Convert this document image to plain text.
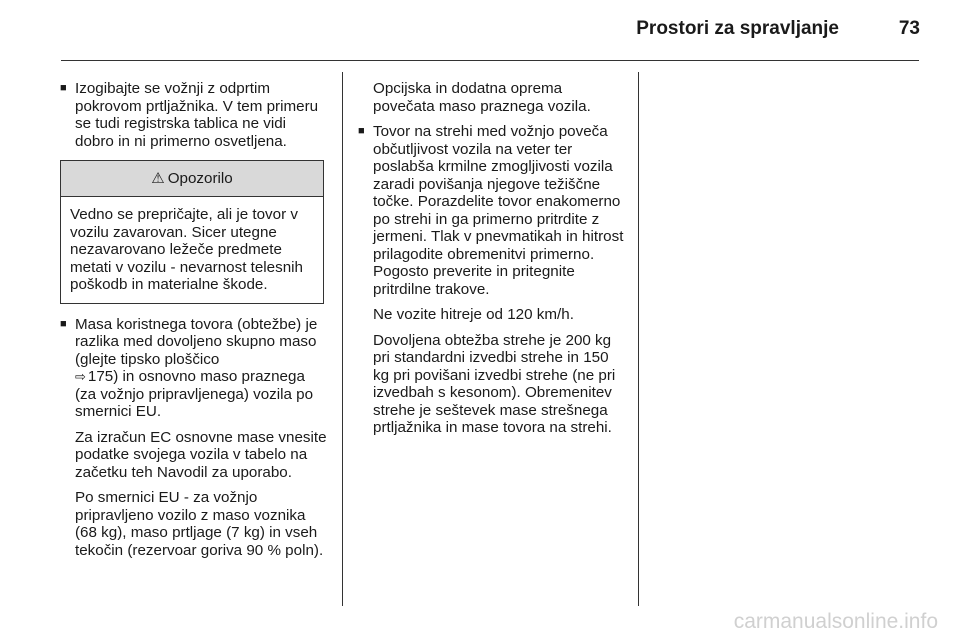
Prostori za spravljanje	73
■ Izogibajte se vožnji z odprtim pokrovom prtljažnika. V tem primeru se tudi registrska tablica ne vidi dobro in ni primerno osvetljena.
⚠ Opozorilo
Vedno se prepričajte, ali je tovor v vozilu zavarovan. Sicer utegne nezavarovano ležeče predmete metati v vozilu - nevarnost telesnih poškodb in materialne škode.
■ Masa koristnega tovora (obtežbe) je razlika med dovoljeno skupno maso (glejte tipsko ploščico
⇨ 175) in osnovno maso praznega (za vožnjo pripravljenega) vozila po smernici EU.
Za izračun EC osnovne mase vnesite podatke svojega vozila v tabelo na začetku teh Navodil za uporabo.
Po smernici EU - za vožnjo pripravljeno vozilo z maso voznika (68 kg), maso prtljage (7 kg) in vseh tekočin (rezervoar goriva 90 % poln).
Opcijska in dodatna oprema povečata maso praznega vozila.
■ Tovor na strehi med vožnjo poveča občutljivost vozila na veter ter poslabša krmilne zmogljivosti vozila zaradi povišanja njegove težiščne točke. Porazdelite tovor enakomerno po strehi in ga primerno pritrdite z jermeni. Tlak v pnevmatikah in hitrost prilagodite obremenitvi primerno. Pogosto preverite in pritegnite pritrdilne trakove.
Ne vozite hitreje od 120 km/h.
Dovoljena obtežba strehe je 200 kg pri standardni izvedbi strehe in 150 kg pri povišani izvedbi strehe (ne pri izvedbah s kesonom). Obremenitev strehe je seštevek mase strešnega prtljažnika in mase tovora na strehi.
carmanualsonline.info
